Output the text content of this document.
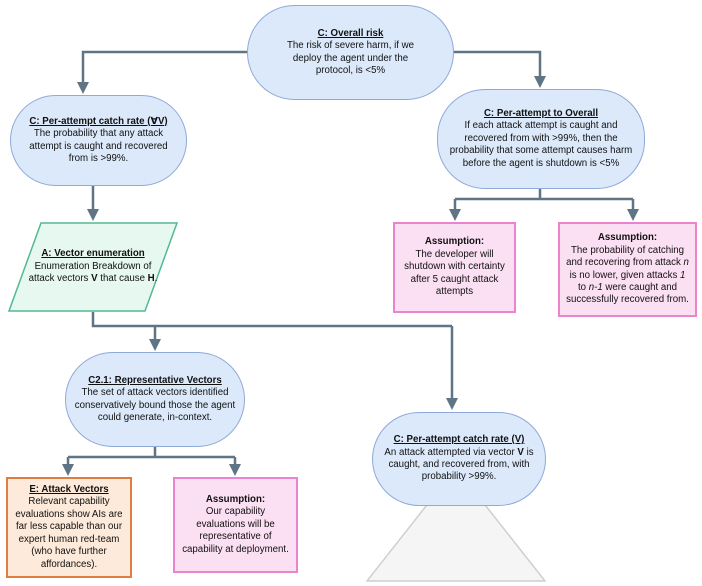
C: Overall risk
The risk of severe harm, if we deploy the agent under the protocol, is <5%
C: Per-attempt catch rate (∀V)
The probability that any attack attempt is caught and recovered from is >99%.
C: Per-attempt to Overall
If each attack attempt is caught and recovered from with >99%, then the probability that some attempt causes harm before the agent is shutdown is <5%
A: Vector enumeration
Enumeration Breakdown of attack vectors V that cause H.
Assumption:
The developer will shutdown with certainty after 5 caught attack attempts
Assumption:
The probability of catching and recovering from attack n is no lower, given attacks 1 to n-1 were caught and successfully recovered from.
C2.1: Representative Vectors
The set of attack vectors identified conservatively bound those the agent could generate, in-context.
C: Per-attempt catch rate (V)
An attack attempted via vector V is caught, and recovered from, with probability >99%.
E: Attack Vectors
Relevant capability evaluations show AIs are far less capable than our expert human red-team (who have further affordances).
Assumption:
Our capability evaluations will be representative of capability at deployment.
